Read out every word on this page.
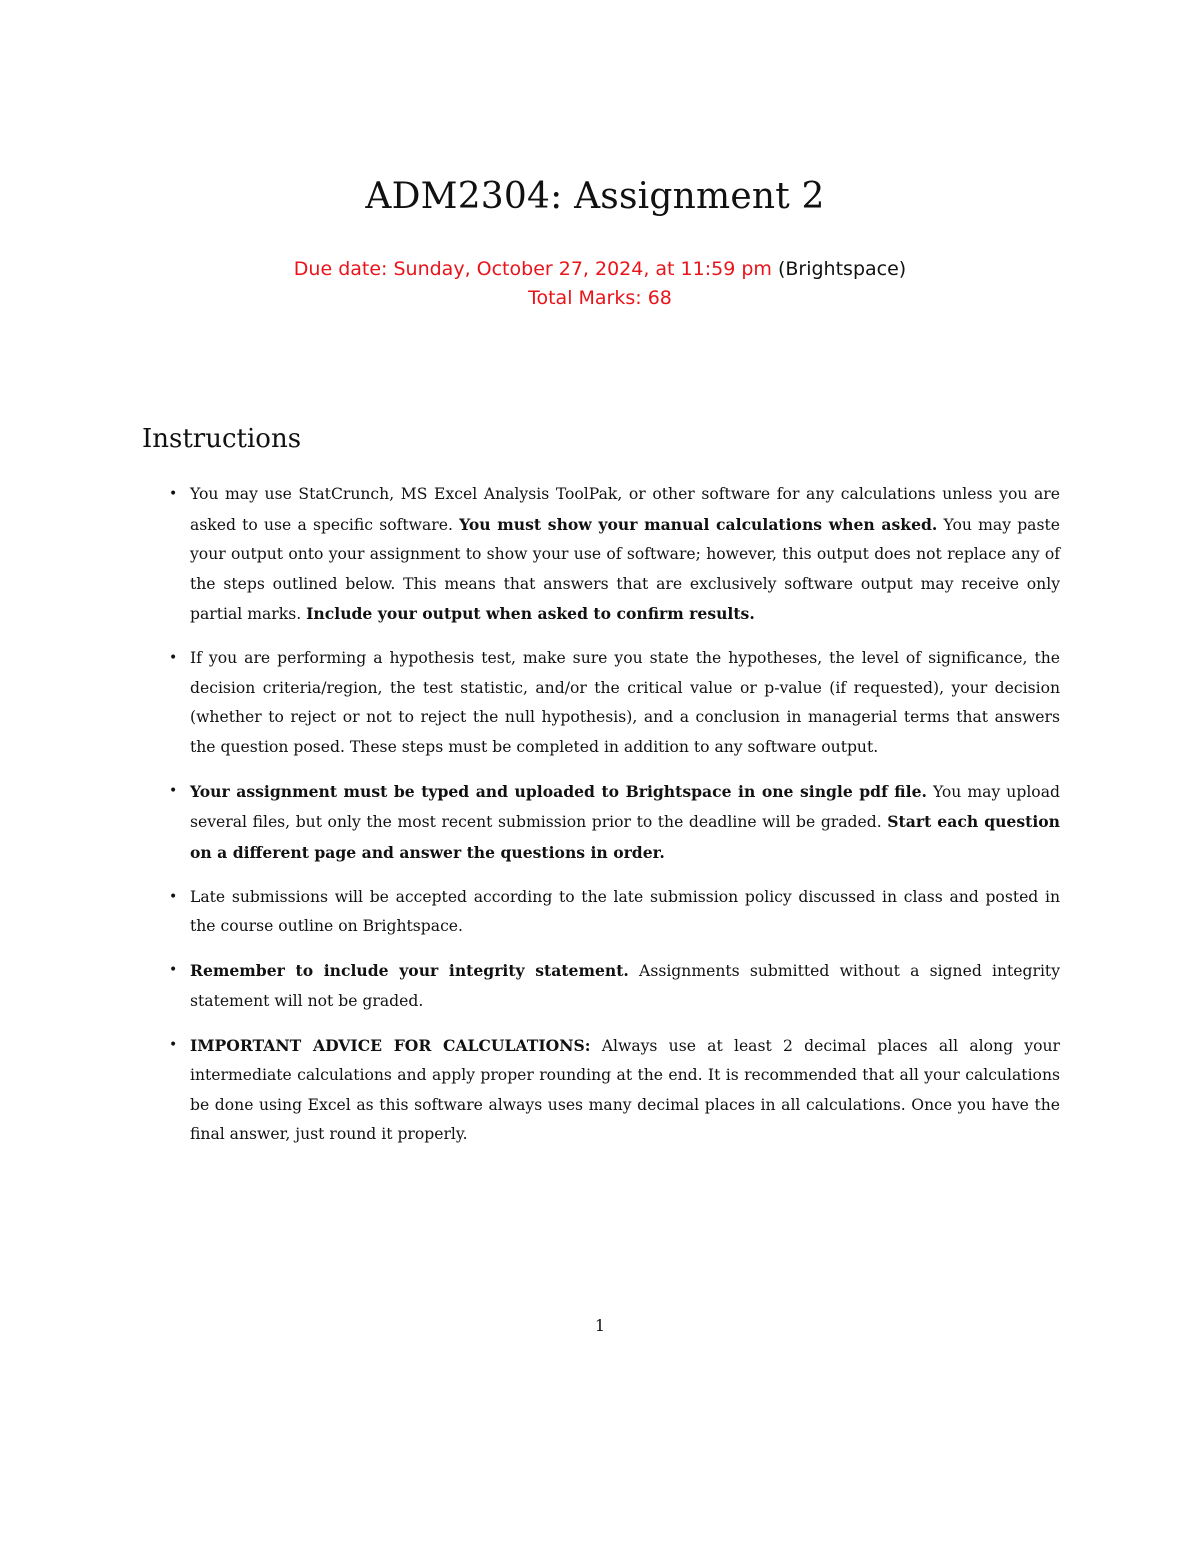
ADM2304: Assignment 2
Due date: Sunday, October 27, 2024, at 11:59 pm (Brightspace)
Total Marks: 68
Instructions
• You may use StatCrunch, MS Excel Analysis ToolPak, or other software for any calculations unless you are asked to use a specific software. You must show your manual calculations when asked. You may paste your output onto your assignment to show your use of software; however, this output does not replace any of the steps outlined below. This means that answers that are exclusively software output may receive only partial marks. Include your output when asked to confirm results.
• If you are performing a hypothesis test, make sure you state the hypotheses, the level of significance, the decision criteria/region, the test statistic, and/or the critical value or p-value (if requested), your decision (whether to reject or not to reject the null hypothesis), and a conclusion in managerial terms that answers the question posed. These steps must be completed in addition to any software output.
• Your assignment must be typed and uploaded to Brightspace in one single pdf file. You may upload several files, but only the most recent submission prior to the deadline will be graded. Start each question on a different page and answer the questions in order.
• Late submissions will be accepted according to the late submission policy discussed in class and posted in the course outline on Brightspace.
• Remember to include your integrity statement. Assignments submitted without a signed integrity statement will not be graded.
• IMPORTANT ADVICE FOR CALCULATIONS: Always use at least 2 decimal places all along your intermediate calculations and apply proper rounding at the end. It is recommended that all your calculations be done using Excel as this software always uses many decimal places in all calculations. Once you have the final answer, just round it properly.
1
